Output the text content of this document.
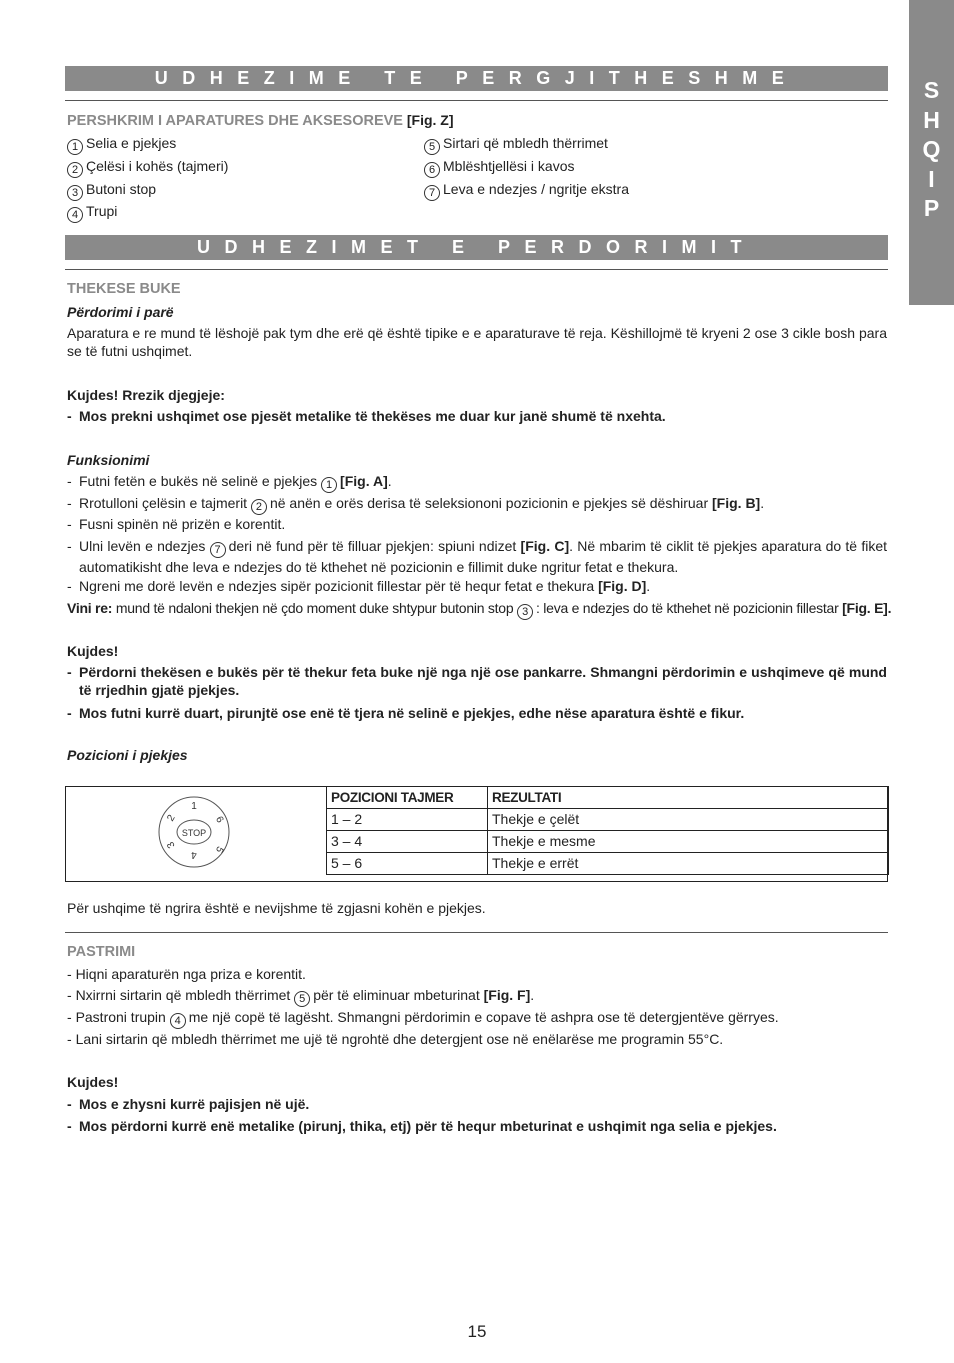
S
H
Q
I
P
UDHEZIME TE PERGJITHESHME
PERSHKRIM I APARATURES DHE AKSESOREVE [Fig. Z]
1 Selia e pjekjes
2 Çelësi i kohës (tajmeri)
3 Butoni stop
4 Trupi
5 Sirtari që mbledh thërrimet
6 Mblështjellësi i kavos
7 Leva e ndezjes / ngritje ekstra
UDHEZIMET E PERDORIMIT
THEKESE BUKE
Përdorimi i parë
Aparatura e re mund të lëshojë pak tym dhe erë që është tipike e e aparaturave të reja. Këshillojmë të kryeni 2 ose 3 cikle bosh para se të futni ushqimet.
Kujdes! Rrezik djegjeje:
- Mos prekni ushqimet ose pjesët metalike të thekëses me duar kur janë shumë të nxehta.
Funksionimi
- Futni fetën e bukës në selinë e pjekjes 1 [Fig. A].
- Rrotulloni çelësin e tajmerit 2 në anën e orës derisa të seleksiononi pozicionin e pjekjes së dëshiruar [Fig. B].
- Fusni spinën në prizën e korentit.
- Ulni levën e ndezjes 7 deri në fund për të filluar pjekjen: spiuni ndizet [Fig. C]. Në mbarim të ciklit të pjekjes aparatura do të fiket automatikisht dhe leva e ndezjes do të kthehet në pozicionin e fillimit duke ngritur fetat e thekura.
- Ngreni me dorë levën e ndezjes sipër pozicionit fillestar për të hequr fetat e thekura [Fig. D].
Vini re: mund të ndaloni thekjen në çdo moment duke shtypur butonin stop 3 : leva e ndezjes do të kthehet në pozicionin fillestar [Fig. E].
Kujdes!
- Përdorni thekësen e bukës për të thekur feta buke një nga një ose pankarre. Shmangni përdorimin e ushqimeve që mund të rrjedhin gjatë pjekjes.
- Mos futni kurrë duart, pirunjtë ose enë të tjera në selinë e pjekjes, edhe nëse aparatura është e fikur.
Pozicioni i pjekjes
STOP
1
6
5
4
3
2
POZICIONI TAJMER	REZULTATI
1 – 2	Thekje e çelët
3 – 4	Thekje e mesme
5 – 6	Thekje e errët
Për ushqime të ngrira është e nevijshme të zgjasni kohën e pjekjes.
PASTRIMI
- Hiqni aparaturën nga priza e korentit.
- Nxirrni sirtarin që mbledh thërrimet 5 për të eliminuar mbeturinat [Fig. F].
- Pastroni trupin 4 me një copë të lagësht. Shmangni përdorimin e copave të ashpra ose të detergjentëve gërryes.
- Lani sirtarin që mbledh thërrimet me ujë të ngrohtë dhe detergjent ose në enëlarëse me programin 55°C.
Kujdes!
- Mos e zhysni kurrë pajisjen në ujë.
- Mos përdorni kurrë enë metalike (pirunj, thika, etj) për të hequr mbeturinat e ushqimit nga selia e pjekjes.
15
